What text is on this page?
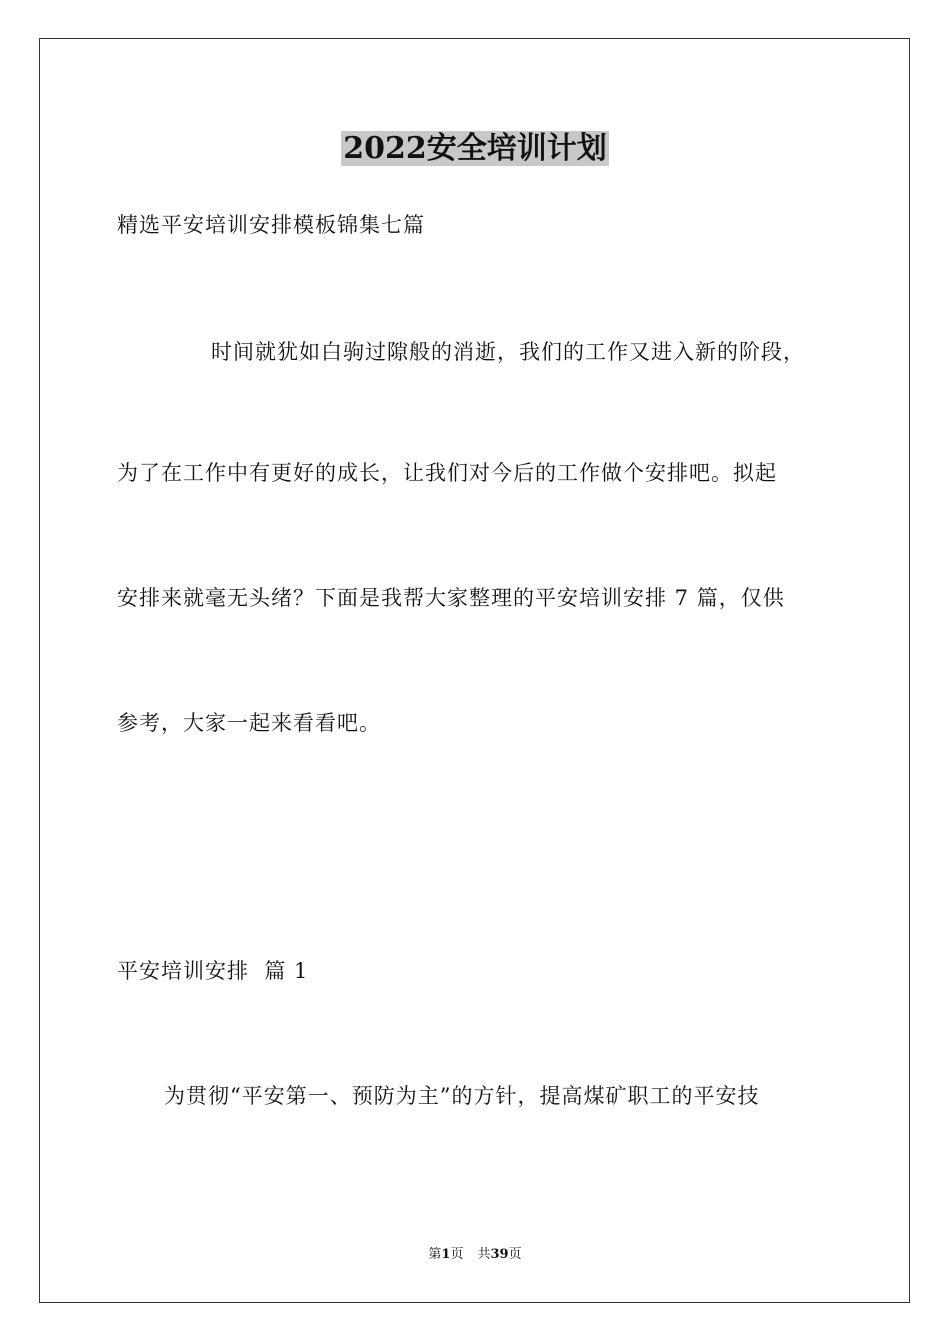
2022安全培训计划
精选平安培训安排模板锦集七篇
时间就犹如白驹过隙般的消逝，我们的工作又进入新的阶段，
为了在工作中有更好的成长，让我们对今后的工作做个安排吧。拟起
安排来就毫无头绪？下面是我帮大家整理的平安培训安排 7 篇，仅供
参考，大家一起来看看吧。
平安培训安排  篇 1
为贯彻“平安第一、预防为主”的方针，提高煤矿职工的平安技
第1页 共39页
